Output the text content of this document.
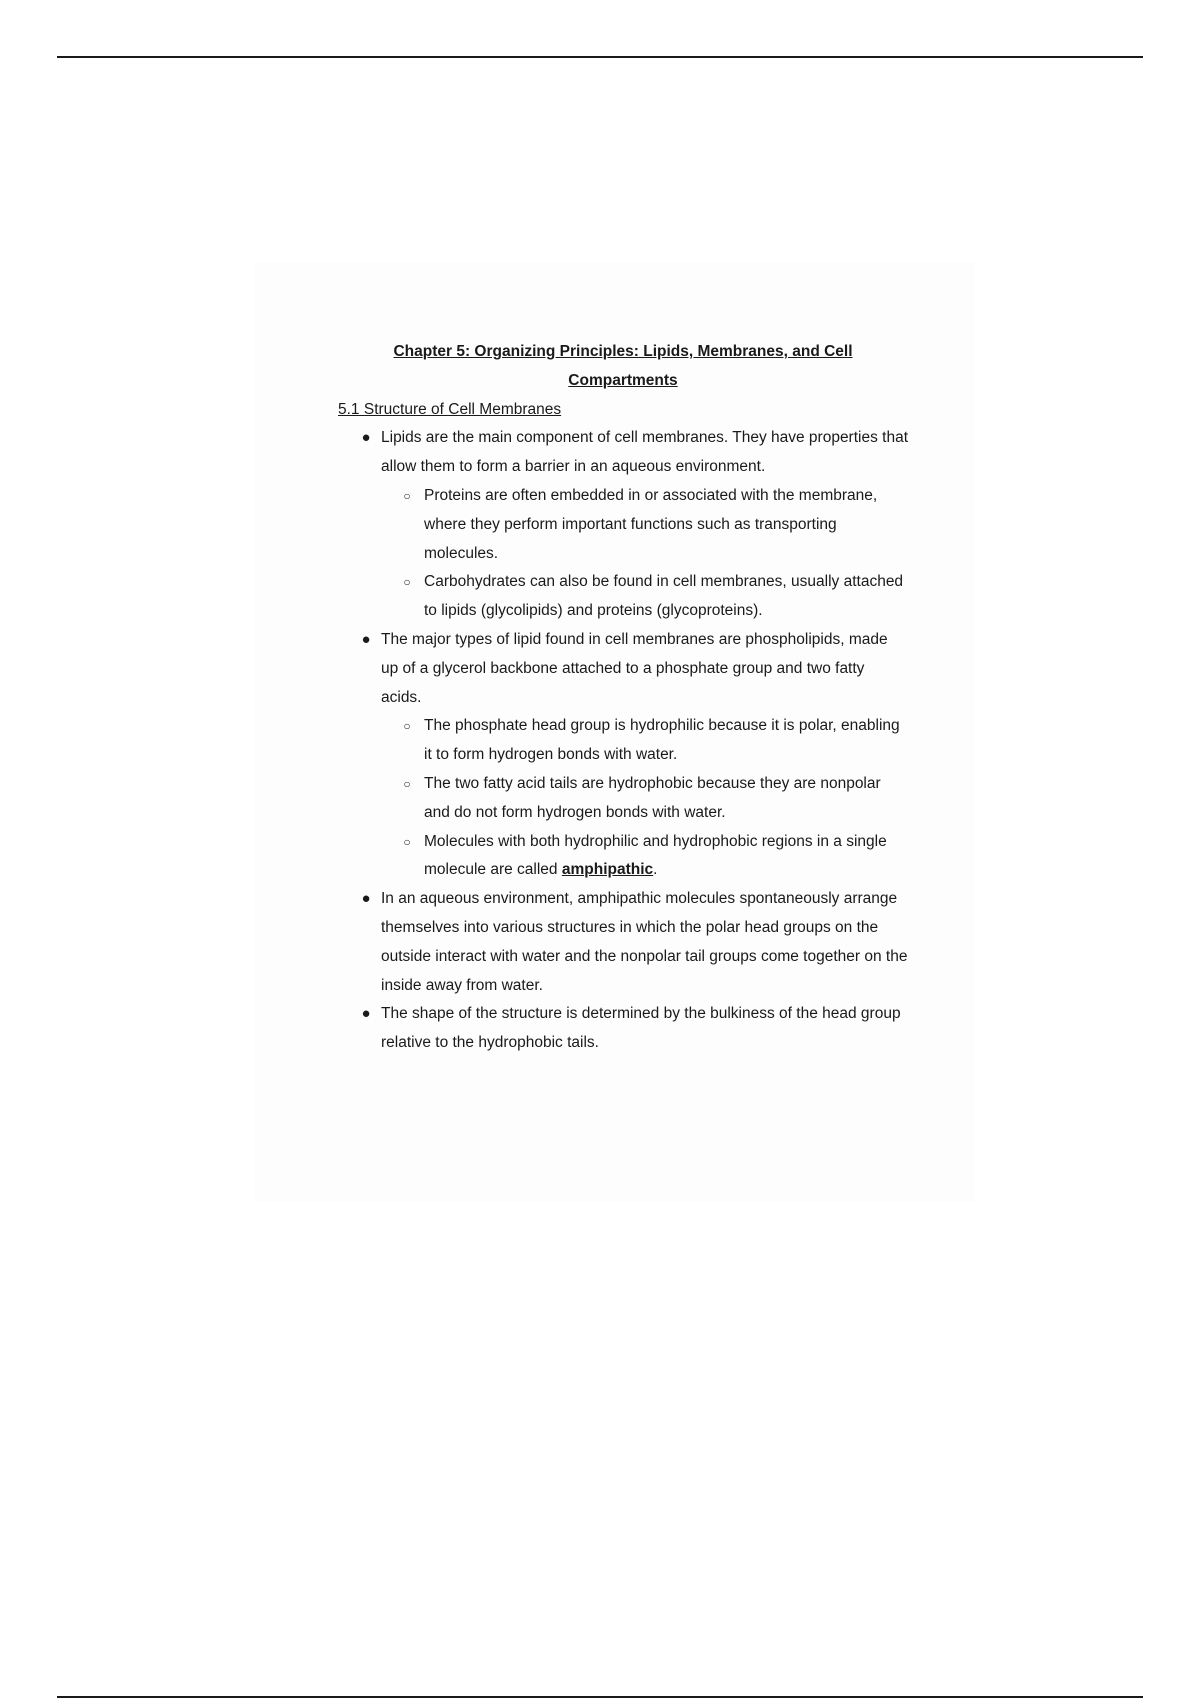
Chapter 5: Organizing Principles: Lipids, Membranes, and Cell Compartments
5.1 Structure of Cell Membranes
● Lipids are the main component of cell membranes. They have properties that allow them to form a barrier in an aqueous environment.
○ Proteins are often embedded in or associated with the membrane, where they perform important functions such as transporting molecules.
○ Carbohydrates can also be found in cell membranes, usually attached to lipids (glycolipids) and proteins (glycoproteins).
● The major types of lipid found in cell membranes are phospholipids, made up of a glycerol backbone attached to a phosphate group and two fatty acids.
○ The phosphate head group is hydrophilic because it is polar, enabling it to form hydrogen bonds with water.
○ The two fatty acid tails are hydrophobic because they are nonpolar and do not form hydrogen bonds with water.
○ Molecules with both hydrophilic and hydrophobic regions in a single molecule are called amphipathic.
● In an aqueous environment, amphipathic molecules spontaneously arrange themselves into various structures in which the polar head groups on the outside interact with water and the nonpolar tail groups come together on the inside away from water.
● The shape of the structure is determined by the bulkiness of the head group relative to the hydrophobic tails.
